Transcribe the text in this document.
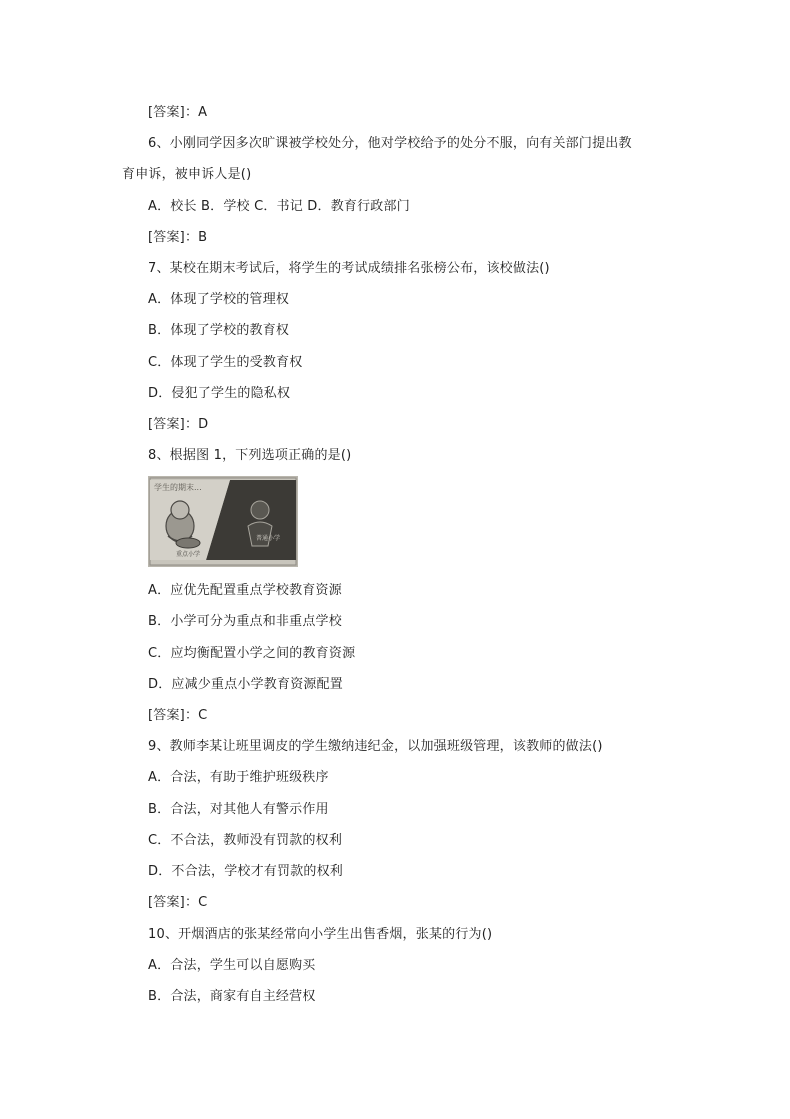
[答案]：A
6、小刚同学因多次旷课被学校处分，他对学校给予的处分不服，向有关部门提出教
育申诉，被申诉人是()
A．校长 B．学校 C．书记 D．教育行政部门
[答案]：B
7、某校在期末考试后，将学生的考试成绩排名张榜公布，该校做法()
A．体现了学校的管理权
B．体现了学校的教育权
C．体现了学生的受教育权
D．侵犯了学生的隐私权
[答案]：D
8、根据图 1，下列选项正确的是()
学生的期末...
重点小学
普通小学
A．应优先配置重点学校教育资源
B．小学可分为重点和非重点学校
C．应均衡配置小学之间的教育资源
D．应减少重点小学教育资源配置
[答案]：C
9、教师李某让班里调皮的学生缴纳违纪金，以加强班级管理，该教师的做法()
A．合法，有助于维护班级秩序
B．合法，对其他人有警示作用
C．不合法，教师没有罚款的权利
D．不合法，学校才有罚款的权利
[答案]：C
10、开烟酒店的张某经常向小学生出售香烟，张某的行为()
A．合法，学生可以自愿购买
B．合法，商家有自主经营权
